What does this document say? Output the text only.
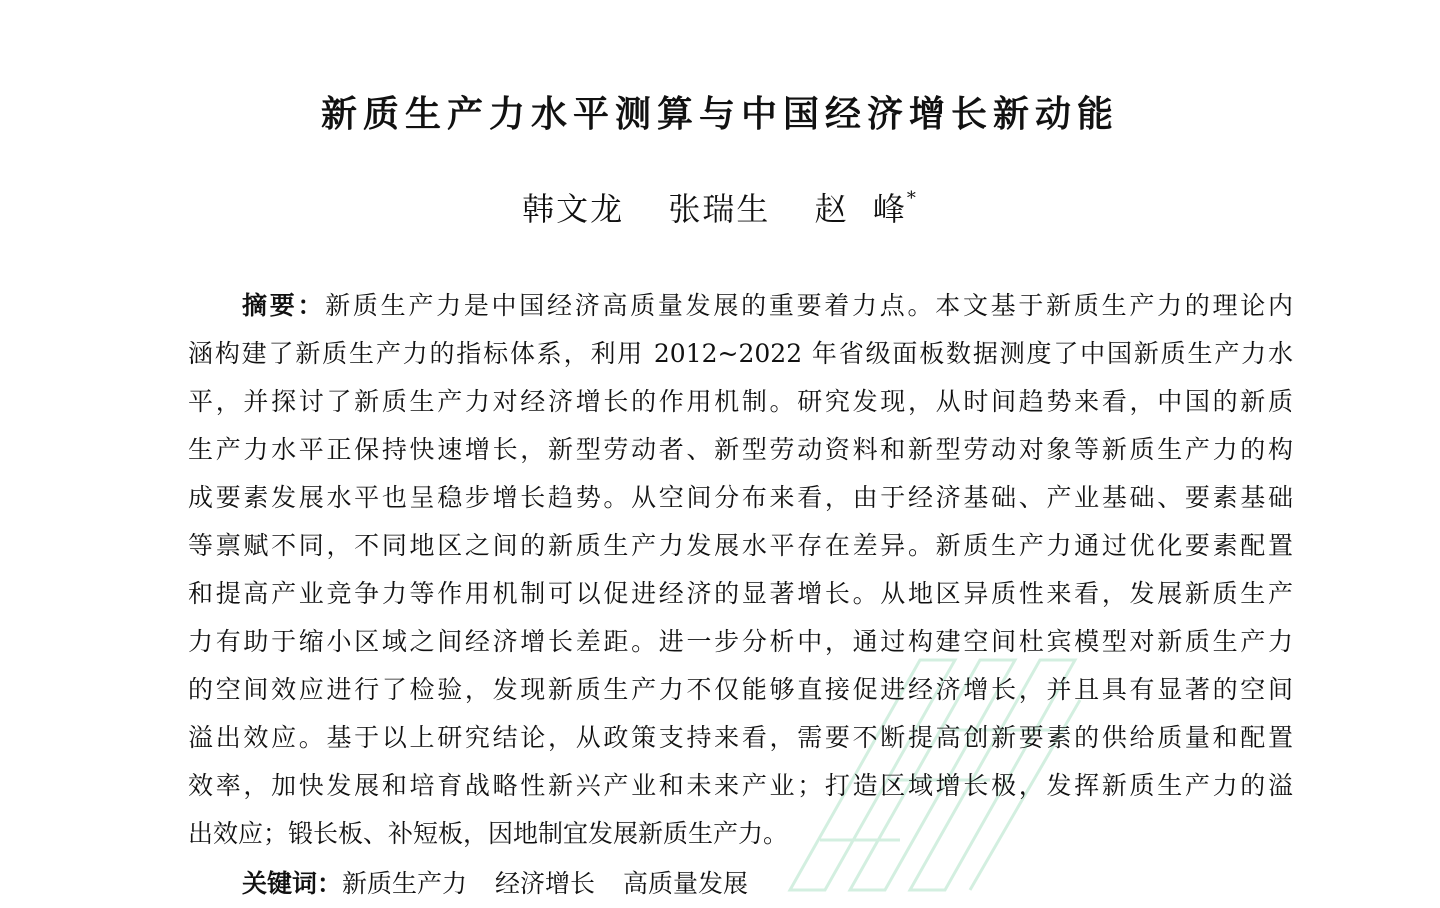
新质生产力水平测算与中国经济增长新动能
韩文龙 张瑞生 赵  峰*
摘要：新质生产力是中国经济高质量发展的重要着力点。本文基于新质生产力的理论内
涵构建了新质生产力的指标体系，利用 2012~2022 年省级面板数据测度了中国新质生产力水
平，并探讨了新质生产力对经济增长的作用机制。研究发现，从时间趋势来看，中国的新质
生产力水平正保持快速增长，新型劳动者、新型劳动资料和新型劳动对象等新质生产力的构
成要素发展水平也呈稳步增长趋势。从空间分布来看，由于经济基础、产业基础、要素基础
等禀赋不同，不同地区之间的新质生产力发展水平存在差异。新质生产力通过优化要素配置
和提高产业竞争力等作用机制可以促进经济的显著增长。从地区异质性来看，发展新质生产
力有助于缩小区域之间经济增长差距。进一步分析中，通过构建空间杜宾模型对新质生产力
的空间效应进行了检验，发现新质生产力不仅能够直接促进经济增长，并且具有显著的空间
溢出效应。基于以上研究结论，从政策支持来看，需要不断提高创新要素的供给质量和配置
效率，加快发展和培育战略性新兴产业和未来产业；打造区域增长极，发挥新质生产力的溢
出效应；锻长板、补短板，因地制宜发展新质生产力。
关键词：新质生产力 经济增长 高质量发展
